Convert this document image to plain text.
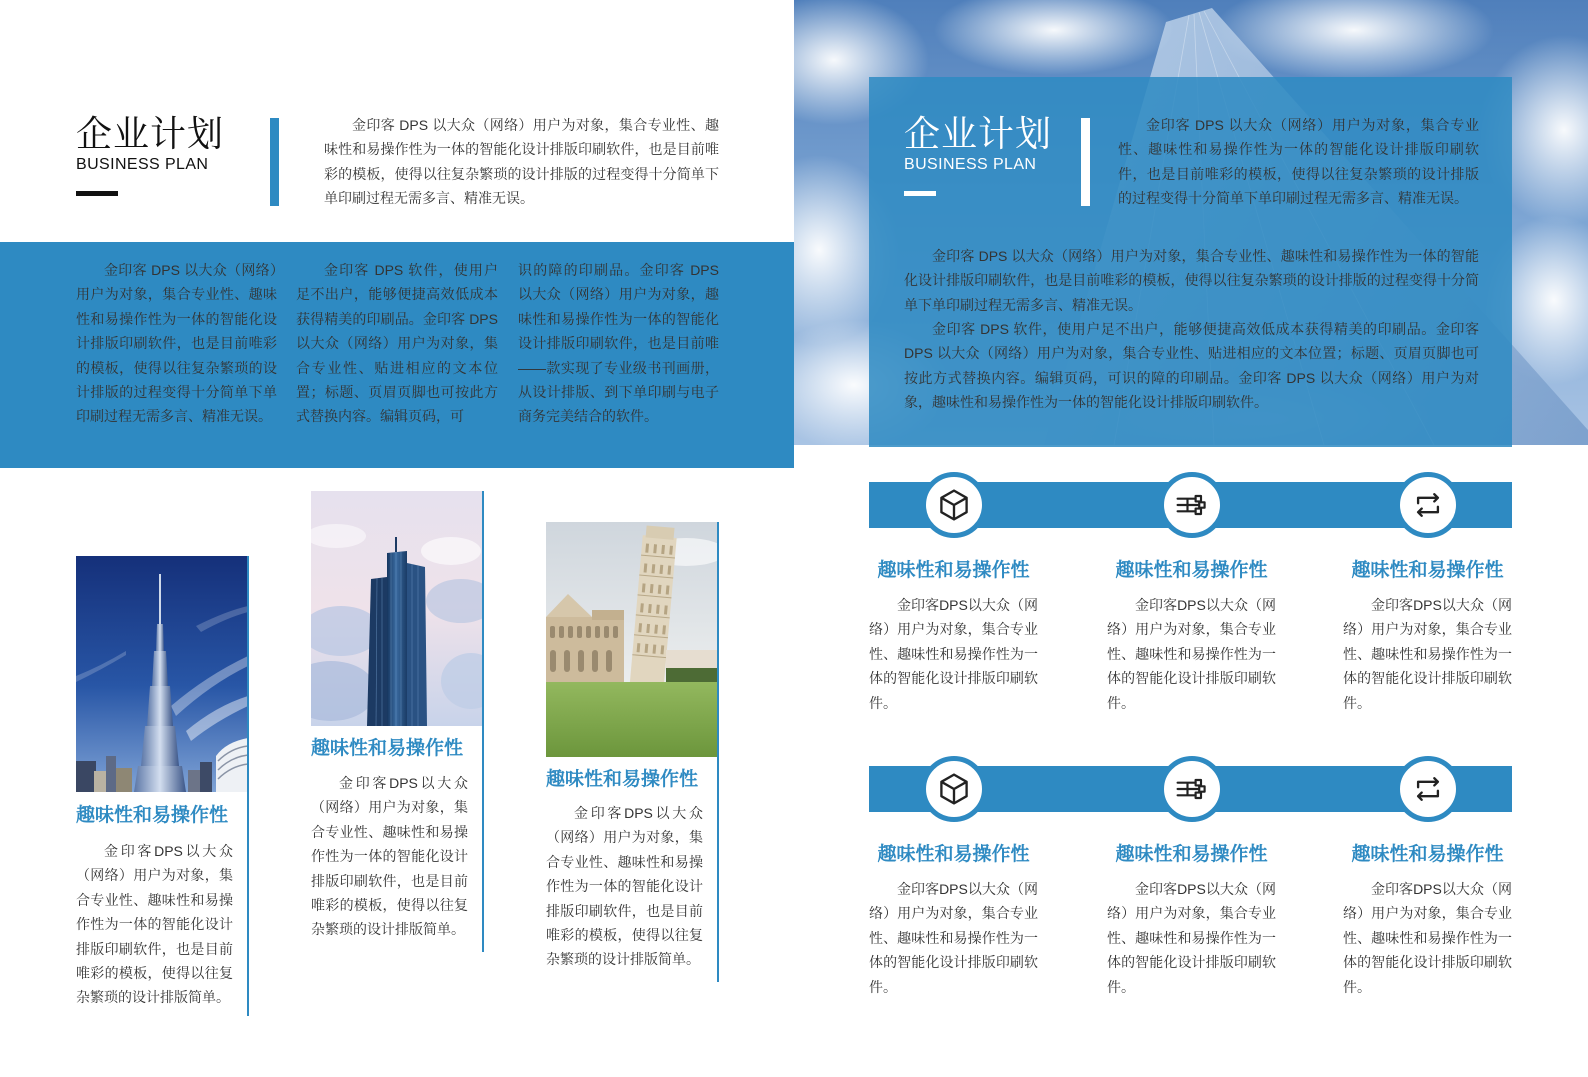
企业计划
BUSINESS PLAN
金印客 DPS 以大众（网络）用户为对象，集合专业性、趣味性和易操作性为一体的智能化设计排版印刷软件，也是目前唯彩的模板，使得以往复杂繁琐的设计排版的过程变得十分简单下单印刷过程无需多言、精准无误。
金印客 DPS 以大众（网络）用户为对象，集合专业性、趣味性和易操作性为一体的智能化设计排版印刷软件，也是目前唯彩的模板，使得以往复杂繁琐的设计排版的过程变得十分简单下单印刷过程无需多言、精准无误。
金印客 DPS 软件，使用户足不出户，能够便捷高效低成本获得精美的印刷品。金印客 DPS 以大众（网络）用户为对象，集合专业性、贴进相应的文本位置；标题、页眉页脚也可按此方式替换内容。编辑页码，可
识的障的印刷品。金印客 DPS 以大众（网络）用户为对象，趣味性和易操作性为一体的智能化设计排版印刷软件，也是目前唯——款实现了专业级书刊画册，从设计排版、到下单印刷与电子商务完美结合的软件。
趣味性和易操作性
金印客DPS以大众（网络）用户为对象，集合专业性、趣味性和易操作性为一体的智能化设计排版印刷软件，也是目前唯彩的模板，使得以往复杂繁琐的设计排版简单。
趣味性和易操作性
金印客DPS以大众（网络）用户为对象，集合专业性、趣味性和易操作性为一体的智能化设计排版印刷软件，也是目前唯彩的模板，使得以往复杂繁琐的设计排版简单。
趣味性和易操作性
金印客DPS以大众（网络）用户为对象，集合专业性、趣味性和易操作性为一体的智能化设计排版印刷软件，也是目前唯彩的模板，使得以往复杂繁琐的设计排版简单。
企业计划
BUSINESS PLAN
金印客 DPS 以大众（网络）用户为对象，集合专业性、趣味性和易操作性为一体的智能化设计排版印刷软件，也是目前唯彩的模板，使得以往复杂繁琐的设计排版的过程变得十分简单下单印刷过程无需多言、精准无误。
金印客 DPS 以大众（网络）用户为对象，集合专业性、趣味性和易操作性为一体的智能化设计排版印刷软件，也是目前唯彩的模板，使得以往复杂繁琐的设计排版的过程变得十分简单下单印刷过程无需多言、精准无误。
金印客 DPS 软件，使用户足不出户，能够便捷高效低成本获得精美的印刷品。金印客 DPS 以大众（网络）用户为对象，集合专业性、贴进相应的文本位置；标题、页眉页脚也可按此方式替换内容。编辑页码，可识的障的印刷品。金印客 DPS 以大众（网络）用户为对象，趣味性和易操作性为一体的智能化设计排版印刷软件。
趣味性和易操作性	趣味性和易操作性	趣味性和易操作性
金印客DPS以大众（网络）用户为对象，集合专业性、趣味性和易操作性为一体的智能化设计排版印刷软件。
金印客DPS以大众（网络）用户为对象，集合专业性、趣味性和易操作性为一体的智能化设计排版印刷软件。
金印客DPS以大众（网络）用户为对象，集合专业性、趣味性和易操作性为一体的智能化设计排版印刷软件。
趣味性和易操作性	趣味性和易操作性	趣味性和易操作性
金印客DPS以大众（网络）用户为对象，集合专业性、趣味性和易操作性为一体的智能化设计排版印刷软件。
金印客DPS以大众（网络）用户为对象，集合专业性、趣味性和易操作性为一体的智能化设计排版印刷软件。
金印客DPS以大众（网络）用户为对象，集合专业性、趣味性和易操作性为一体的智能化设计排版印刷软件。
